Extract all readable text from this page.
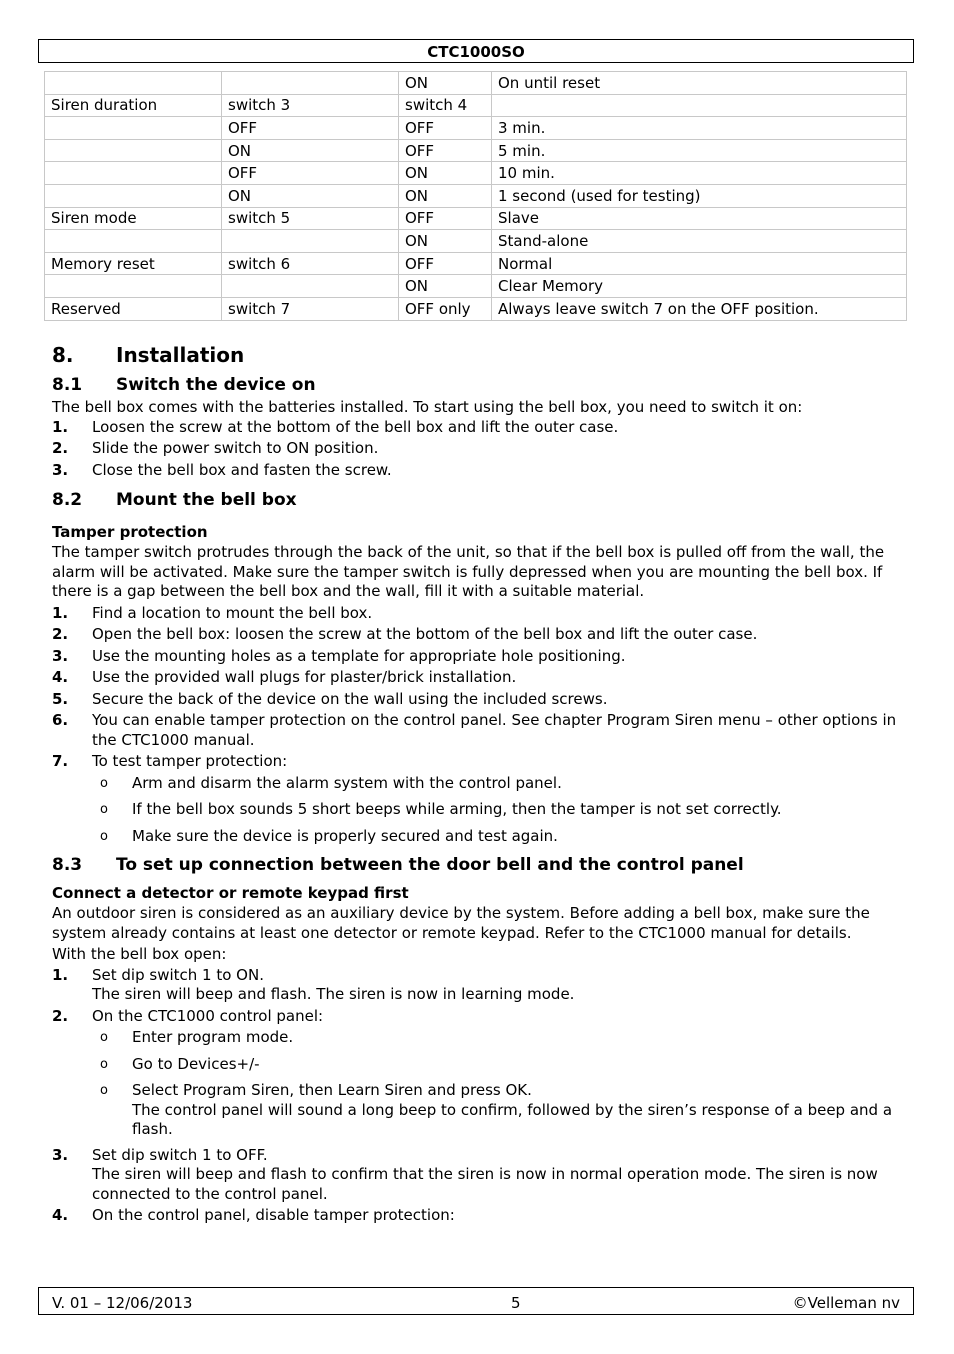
CTC1000SO
		ON	On until reset
Siren duration	switch 3	switch 4	
	OFF	OFF	3 min.
	ON	OFF	5 min.
	OFF	ON	10 min.
	ON	ON	1 second (used for testing)
Siren mode	switch 5	OFF	Slave
		ON	Stand-alone
Memory reset	switch 6	OFF	Normal
		ON	Clear Memory
Reserved	switch 7	OFF only	Always leave switch 7 on the OFF position.
8. Installation
8.1 Switch the device on

The bell box comes with the batteries installed. To start using the bell box, you need to switch it on:

1.	Loosen the screw at the bottom of the bell box and lift the outer case.
2.	Slide the power switch to ON position.
3.	Close the bell box and fasten the screw.
8.2 Mount the bell box
Tamper protection

The tamper switch protrudes through the back of the unit, so that if the bell box is pulled off from the wall, the alarm will be activated. Make sure the tamper switch is fully depressed when you are mounting the bell box. If there is a gap between the bell box and the wall, fill it with a suitable material.

1.	Find a location to mount the bell box.
2.	Open the bell box: loosen the screw at the bottom of the bell box and lift the outer case.
3.	Use the mounting holes as a template for appropriate hole positioning.
4.	Use the provided wall plugs for plaster/brick installation.
5.	Secure the back of the device on the wall using the included screws.
6.	You can enable tamper protection on the control panel. See chapter Program Siren menu – other options in the CTC1000 manual.
7.	To test tamper protection:
o	Arm and disarm the alarm system with the control panel.
o	If the bell box sounds 5 short beeps while arming, then the tamper is not set correctly.
o	Make sure the device is properly secured and test again.
8.3 To set up connection between the door bell and the control panel
Connect a detector or remote keypad first

An outdoor siren is considered as an auxiliary device by the system. Before adding a bell box, make sure the system already contains at least one detector or remote keypad. Refer to the CTC1000 manual for details.

With the bell box open:

1.	Set dip switch 1 to ON.
The siren will beep and flash. The siren is now in learning mode.
2.	On the CTC1000 control panel:
o	Enter program mode.
o	Go to Devices+/-
o	Select Program Siren, then Learn Siren and press OK.
The control panel will sound a long beep to confirm, followed by the siren’s response of a beep and a flash.
3.	Set dip switch 1 to OFF.
The siren will beep and flash to confirm that the siren is now in normal operation mode. The siren is now connected to the control panel.
4.	On the control panel, disable tamper protection:
V. 01 – 12/06/2013	5	©Velleman nv
